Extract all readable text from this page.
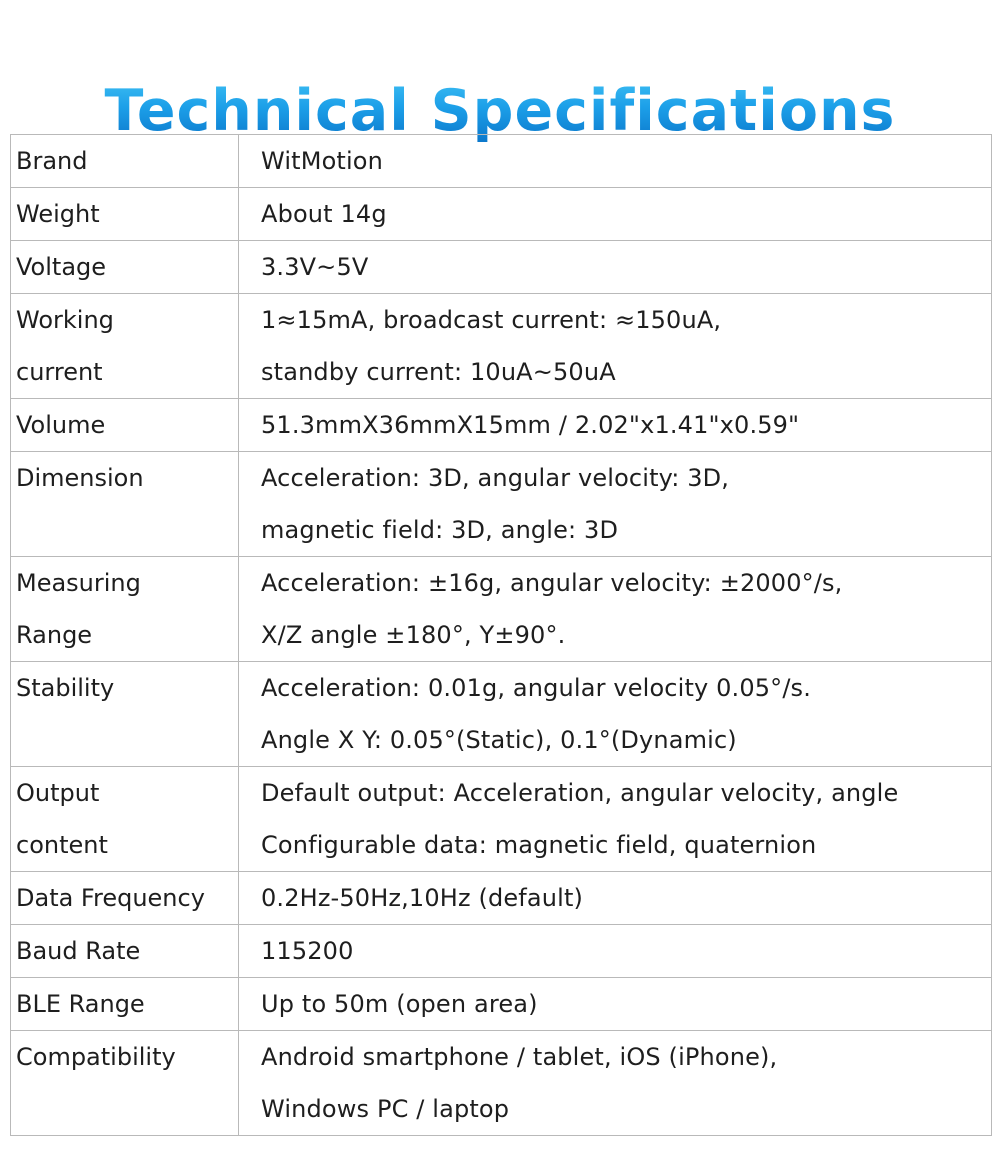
Technical Specifications
Brand	WitMotion

Weight	About 14g

Voltage	3.3V~5V

Working
current	1≈15mA, broadcast current: ≈150uA,
standby current: 10uA~50uA

Volume	51.3mmX36mmX15mm / 2.02"x1.41"x0.59"

Dimension	Acceleration: 3D, angular velocity: 3D,
magnetic field: 3D, angle: 3D

Measuring
Range	Acceleration: ±16g, angular velocity: ±2000°/s,
X/Z angle ±180°, Y±90°.

Stability	Acceleration: 0.01g, angular velocity 0.05°/s.
Angle X Y: 0.05°(Static), 0.1°(Dynamic)

Output
content	Default output: Acceleration, angular velocity, angle
Configurable data: magnetic field, quaternion

Data Frequency	0.2Hz-50Hz,10Hz (default)

Baud Rate	115200

BLE Range	Up to 50m (open area)

Compatibility	Android smartphone / tablet, iOS (iPhone),
Windows PC / laptop
